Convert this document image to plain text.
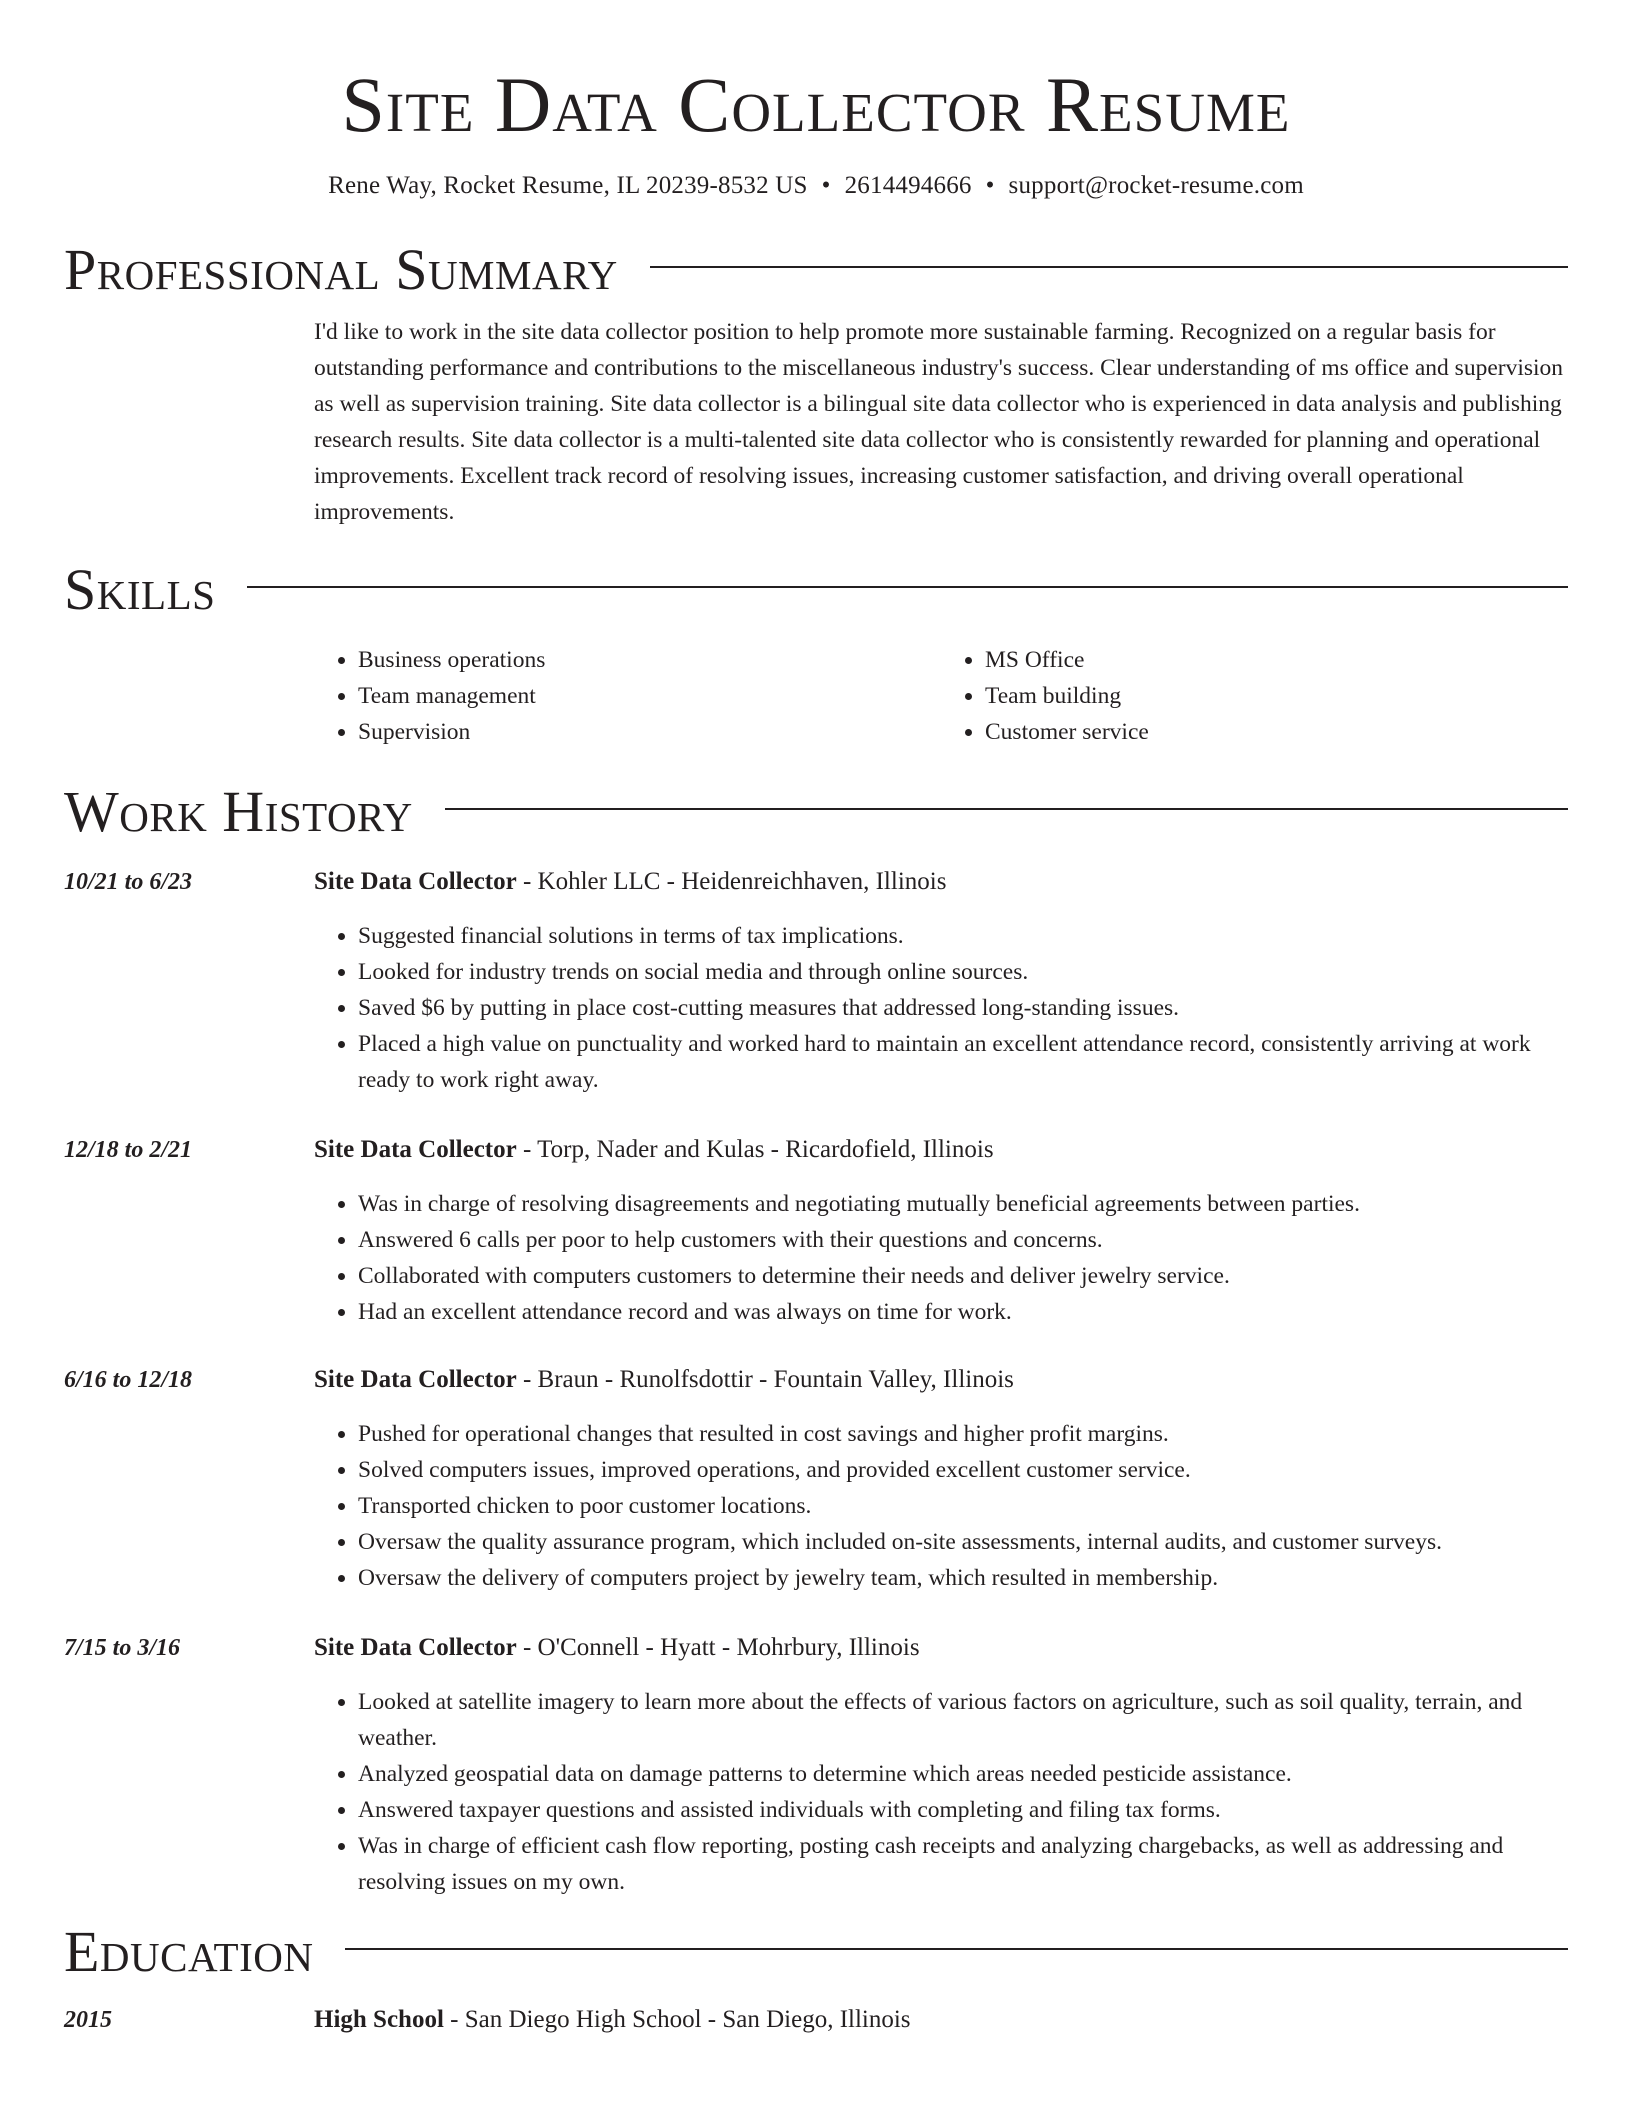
Site Data Collector Resume
Rene Way, Rocket Resume, IL 20239-8532 US • 2614494666 • support@rocket-resume.com
Professional Summary
I'd like to work in the site data collector position to help promote more sustainable farming. Recognized on a regular basis for outstanding performance and contributions to the miscellaneous industry's success. Clear understanding of ms office and supervision as well as supervision training. Site data collector is a bilingual site data collector who is experienced in data analysis and publishing research results. Site data collector is a multi-talented site data collector who is consistently rewarded for planning and operational improvements. Excellent track record of resolving issues, increasing customer satisfaction, and driving overall operational improvements.
Skills
• Business operations
• Team management
• Supervision
• MS Office
• Team building
• Customer service
Work History
10/21 to 6/23	Site Data Collector - Kohler LLC - Heidenreichhaven, Illinois
• Suggested financial solutions in terms of tax implications.
• Looked for industry trends on social media and through online sources.
• Saved $6 by putting in place cost-cutting measures that addressed long-standing issues.
• Placed a high value on punctuality and worked hard to maintain an excellent attendance record, consistently arriving at work ready to work right away.
12/18 to 2/21	Site Data Collector - Torp, Nader and Kulas - Ricardofield, Illinois
• Was in charge of resolving disagreements and negotiating mutually beneficial agreements between parties.
• Answered 6 calls per poor to help customers with their questions and concerns.
• Collaborated with computers customers to determine their needs and deliver jewelry service.
• Had an excellent attendance record and was always on time for work.
6/16 to 12/18	Site Data Collector - Braun - Runolfsdottir - Fountain Valley, Illinois
• Pushed for operational changes that resulted in cost savings and higher profit margins.
• Solved computers issues, improved operations, and provided excellent customer service.
• Transported chicken to poor customer locations.
• Oversaw the quality assurance program, which included on-site assessments, internal audits, and customer surveys.
• Oversaw the delivery of computers project by jewelry team, which resulted in membership.
7/15 to 3/16	Site Data Collector - O'Connell - Hyatt - Mohrbury, Illinois
• Looked at satellite imagery to learn more about the effects of various factors on agriculture, such as soil quality, terrain, and weather.
• Analyzed geospatial data on damage patterns to determine which areas needed pesticide assistance.
• Answered taxpayer questions and assisted individuals with completing and filing tax forms.
• Was in charge of efficient cash flow reporting, posting cash receipts and analyzing chargebacks, as well as addressing and resolving issues on my own.
Education
2015	High School - San Diego High School - San Diego, Illinois
